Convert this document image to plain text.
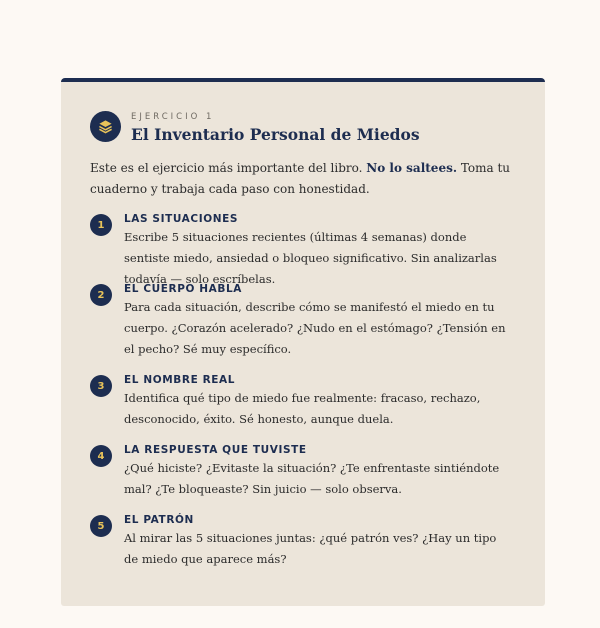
EJERCICIO 1
El Inventario Personal de Miedos

Este es el ejercicio más importante del libro. No lo saltees. Toma tu cuaderno y trabaja cada paso con honestidad.

1	LAS SITUACIONES
Escribe 5 situaciones recientes (últimas 4 semanas) donde sentiste miedo, ansiedad o bloqueo significativo. Sin analizarlas todavía — solo escríbelas.
2	EL CUERPO HABLA
Para cada situación, describe cómo se manifestó el miedo en tu cuerpo. ¿Corazón acelerado? ¿Nudo en el estómago? ¿Tensión en el pecho? Sé muy específico.
3	EL NOMBRE REAL
Identifica qué tipo de miedo fue realmente: fracaso, rechazo, desconocido, éxito. Sé honesto, aunque duela.
4	LA RESPUESTA QUE TUVISTE
¿Qué hiciste? ¿Evitaste la situación? ¿Te enfrentaste sintiéndote mal? ¿Te bloqueaste? Sin juicio — solo observa.
5	EL PATRÓN
Al mirar las 5 situaciones juntas: ¿qué patrón ves? ¿Hay un tipo de miedo que aparece más?
